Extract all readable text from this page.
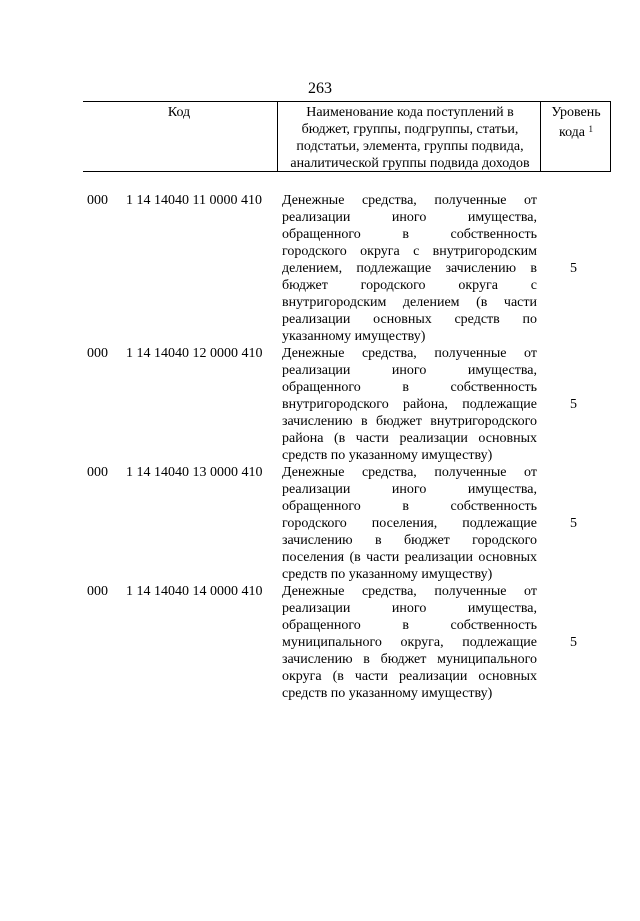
263
Код	Наименование кода поступлений в
бюджет, группы, подгруппы, статьи,
подстатьи, элемента, группы подвида,
аналитической группы подвида доходов
Уровень
кода $^1$
000 1 14 14040 11 0000 410 Денежные средства, полученные от
реализации иного имущества,
обращенного в собственность
городского округа с внутригородским
делением, подлежащие зачислению в
бюджет городского округа с
внутригородским делением (в части
реализации основных средств по
указанному имуществу)
5
000 1 14 14040 12 0000 410 Денежные средства, полученные от
реализации иного имущества,
обращенного в собственность
внутригородского района, подлежащие
зачислению в бюджет внутригородского
района (в части реализации основных
средств по указанному имуществу)
5
000 1 14 14040 13 0000 410 Денежные средства, полученные от
реализации иного имущества,
обращенного в собственность
городского поселения, подлежащие
зачислению в бюджет городского
поселения (в части реализации основных
средств по указанному имуществу)
5
000 1 14 14040 14 0000 410 Денежные средства, полученные от
реализации иного имущества,
обращенного в собственность
муниципального округа, подлежащие
зачислению в бюджет муниципального
округа (в части реализации основных
средств по указанному имуществу)
5
